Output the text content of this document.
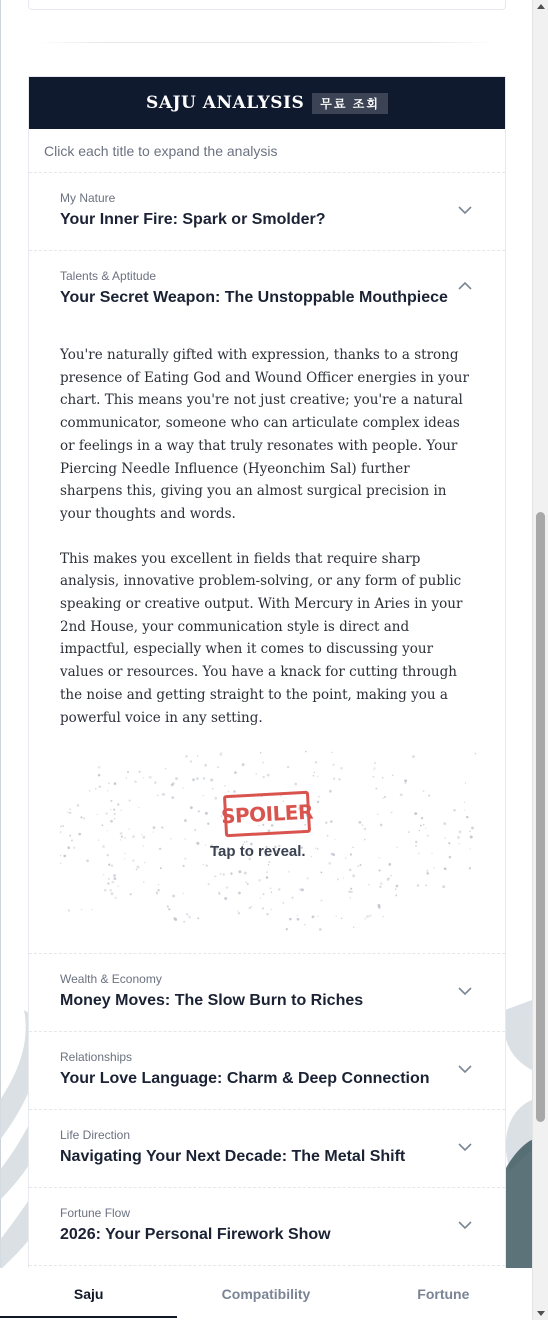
SAJU ANALYSIS	무료 조회
Click each title to expand the analysis
My Nature
Your Inner Fire: Spark or Smolder?
Talents & Aptitude
Your Secret Weapon: The Unstoppable Mouthpiece

You're naturally gifted with expression, thanks to a strong presence of Eating God and Wound Officer energies in your chart. This means you're not just creative; you're a natural communicator, someone who can articulate complex ideas or feelings in a way that truly resonates with people. Your Piercing Needle Influence (Hyeonchim Sal) further sharpens this, giving you an almost surgical precision in your thoughts and words.

This makes you excellent in fields that require sharp analysis, innovative problem-solving, or any form of public speaking or creative output. With Mercury in Aries in your 2nd House, your communication style is direct and impactful, especially when it comes to discussing your values or resources. You have a knack for cutting through the noise and getting straight to the point, making you a powerful voice in any setting.

SPOILER
Tap to reveal.
Wealth & Economy
Money Moves: The Slow Burn to Riches
Relationships
Your Love Language: Charm & Deep Connection
Life Direction
Navigating Your Next Decade: The Metal Shift
Fortune Flow
2026: Your Personal Firework Show
Saju	Compatibility	Fortune
